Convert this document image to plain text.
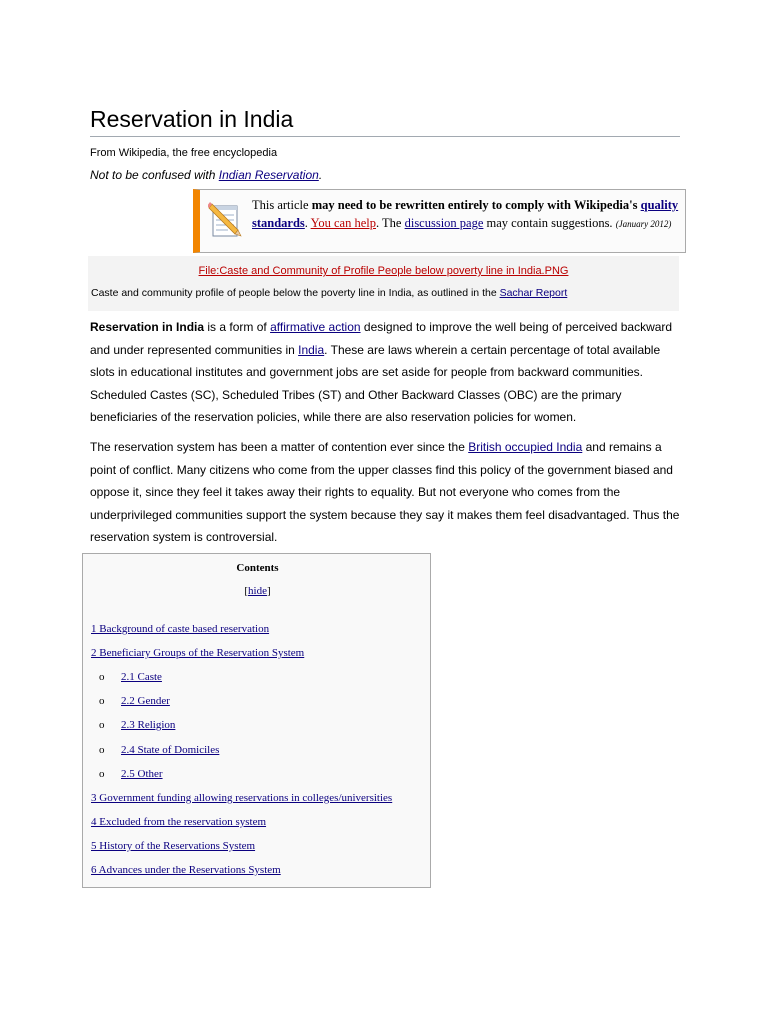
Reservation in India
From Wikipedia, the free encyclopedia
Not to be confused with Indian Reservation.
This article may need to be rewritten entirely to comply with Wikipedia's quality standards. You can help. The discussion page may contain suggestions. (January 2012)
File:Caste and Community of Profile People below poverty line in India.PNG
Caste and community profile of people below the poverty line in India, as outlined in the Sachar Report

Reservation in India is a form of affirmative action designed to improve the well being of perceived backward and under represented communities in India. These are laws wherein a certain percentage of total available slots in educational institutes and government jobs are set aside for people from backward communities. Scheduled Castes (SC), Scheduled Tribes (ST) and Other Backward Classes (OBC) are the primary beneficiaries of the reservation policies, while there are also reservation policies for women.

The reservation system has been a matter of contention ever since the British occupied India and remains a point of conflict. Many citizens who come from the upper classes find this policy of the government biased and oppose it, since they feel it takes away their rights to equality. But not everyone who comes from the underprivileged communities support the system because they say it makes them feel disadvantaged. Thus the reservation system is controversial.

Contents
[hide]
1 Background of caste based reservation
2 Beneficiary Groups of the Reservation System
o 2.1 Caste
o 2.2 Gender
o 2.3 Religion
o 2.4 State of Domiciles
o 2.5 Other
3 Government funding allowing reservations in colleges/universities
4 Excluded from the reservation system
5 History of the Reservations System
6 Advances under the Reservations System
